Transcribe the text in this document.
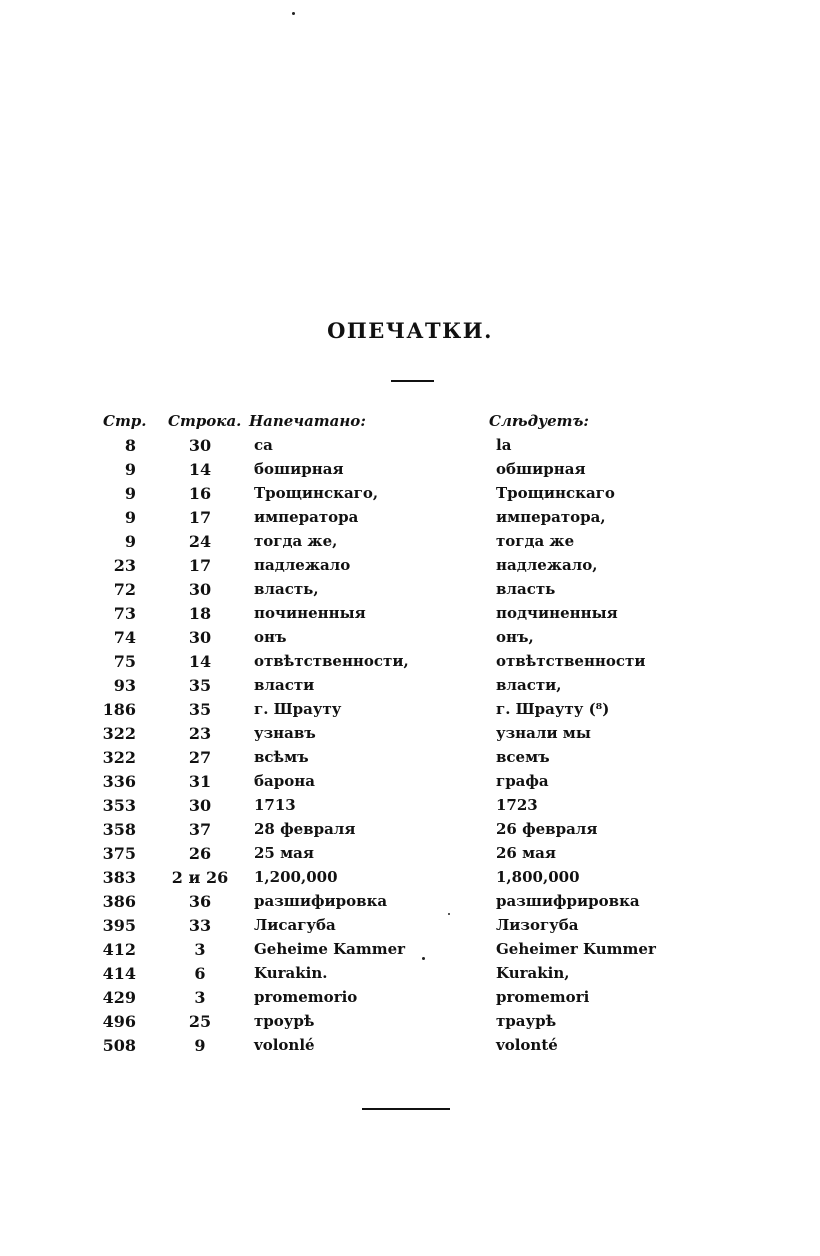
ОПЕЧАТКИ.
Стр. Строка. Напечатано:	Слѣдуетъ:
8	30	са	la
9	14	боширная	обширная
9	16	Трощинскаго,	Трощинскаго
9	17	императора	императора,
9	24	тогда же,	тогда же
23	17	падлежало	надлежало,
72	30	власть,	власть
73	18	починенныя	подчиненныя
74	30	онъ	онъ,
75	14	отвѣтственности,	отвѣтственности
93	35	власти	власти,
186	35	г. Шрауту	г. Шрауту (⁸)
322	23	узнавъ	узнали мы
322	27	всѣмъ	всемъ
336	31	барона	графа
353	30	1713	1723
358	37	28 февраля	26 февраля
375	26	25 мая	26 мая
383	2 и 26	1,200,000	1,800,000
386	36	разшифировка	разшифрировка
395	33	Лисагуба	Лизогуба
412	3	Geheime Kammer	Geheimer Kummer
414	6	Kurakin.	Kurakin,
429	3	promemorio	promemori
496	25	троурѣ	траурѣ
508	9	volonlé	volonté
